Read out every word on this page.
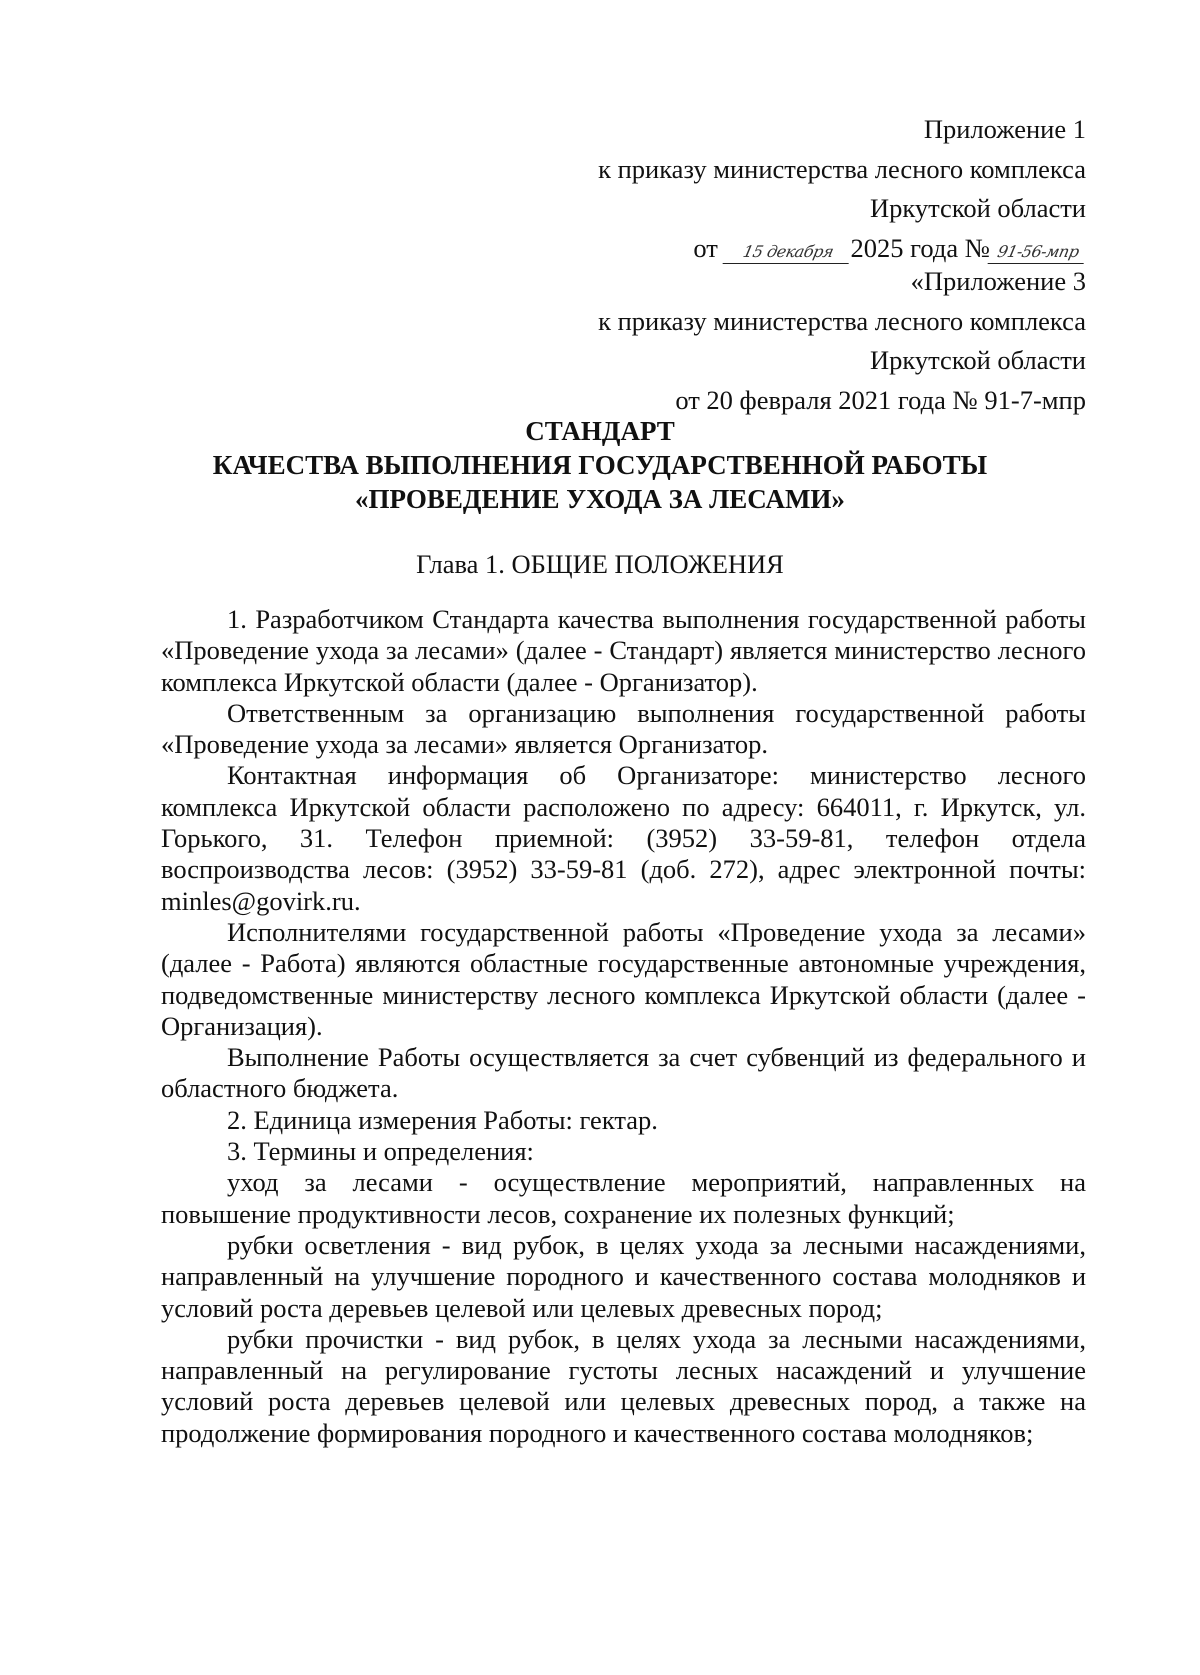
Приложение 1
к приказу министерства лесного комплекса
Иркутской области
от 15 декабря 2025 года № 91-56-мпр
«Приложение 3
к приказу министерства лесного комплекса
Иркутской области
от 20 февраля 2021 года № 91-7-мпр
СТАНДАРТ
КАЧЕСТВА ВЫПОЛНЕНИЯ ГОСУДАРСТВЕННОЙ РАБОТЫ
«ПРОВЕДЕНИЕ УХОДА ЗА ЛЕСАМИ»
Глава 1. ОБЩИЕ ПОЛОЖЕНИЯ

1. Разработчиком Стандарта качества выполнения государственной работы «Проведение ухода за лесами» (далее - Стандарт) является министерство лесного комплекса Иркутской области (далее - Организатор).

Ответственным за организацию выполнения государственной работы «Проведение ухода за лесами» является Организатор.

Контактная информация об Организаторе: министерство лесного комплекса Иркутской области расположено по адресу: 664011, г. Иркутск, ул. Горького, 31. Телефон приемной: (3952) 33-59-81, телефон отдела воспроизводства лесов: (3952) 33-59-81 (доб. 272), адрес электронной почты: minles@govirk.ru.

Исполнителями государственной работы «Проведение ухода за лесами» (далее - Работа) являются областные государственные автономные учреждения, подведомственные министерству лесного комплекса Иркутской области (далее - Организация).

Выполнение Работы осуществляется за счет субвенций из федерального и областного бюджета.

2. Единица измерения Работы: гектар.

3. Термины и определения:

уход за лесами - осуществление мероприятий, направленных на повышение продуктивности лесов, сохранение их полезных функций;

рубки осветления - вид рубок, в целях ухода за лесными насаждениями, направленный на улучшение породного и качественного состава молодняков и условий роста деревьев целевой или целевых древесных пород;

рубки прочистки - вид рубок, в целях ухода за лесными насаждениями, направленный на регулирование густоты лесных насаждений и улучшение условий роста деревьев целевой или целевых древесных пород, а также на продолжение формирования породного и качественного состава молодняков;
